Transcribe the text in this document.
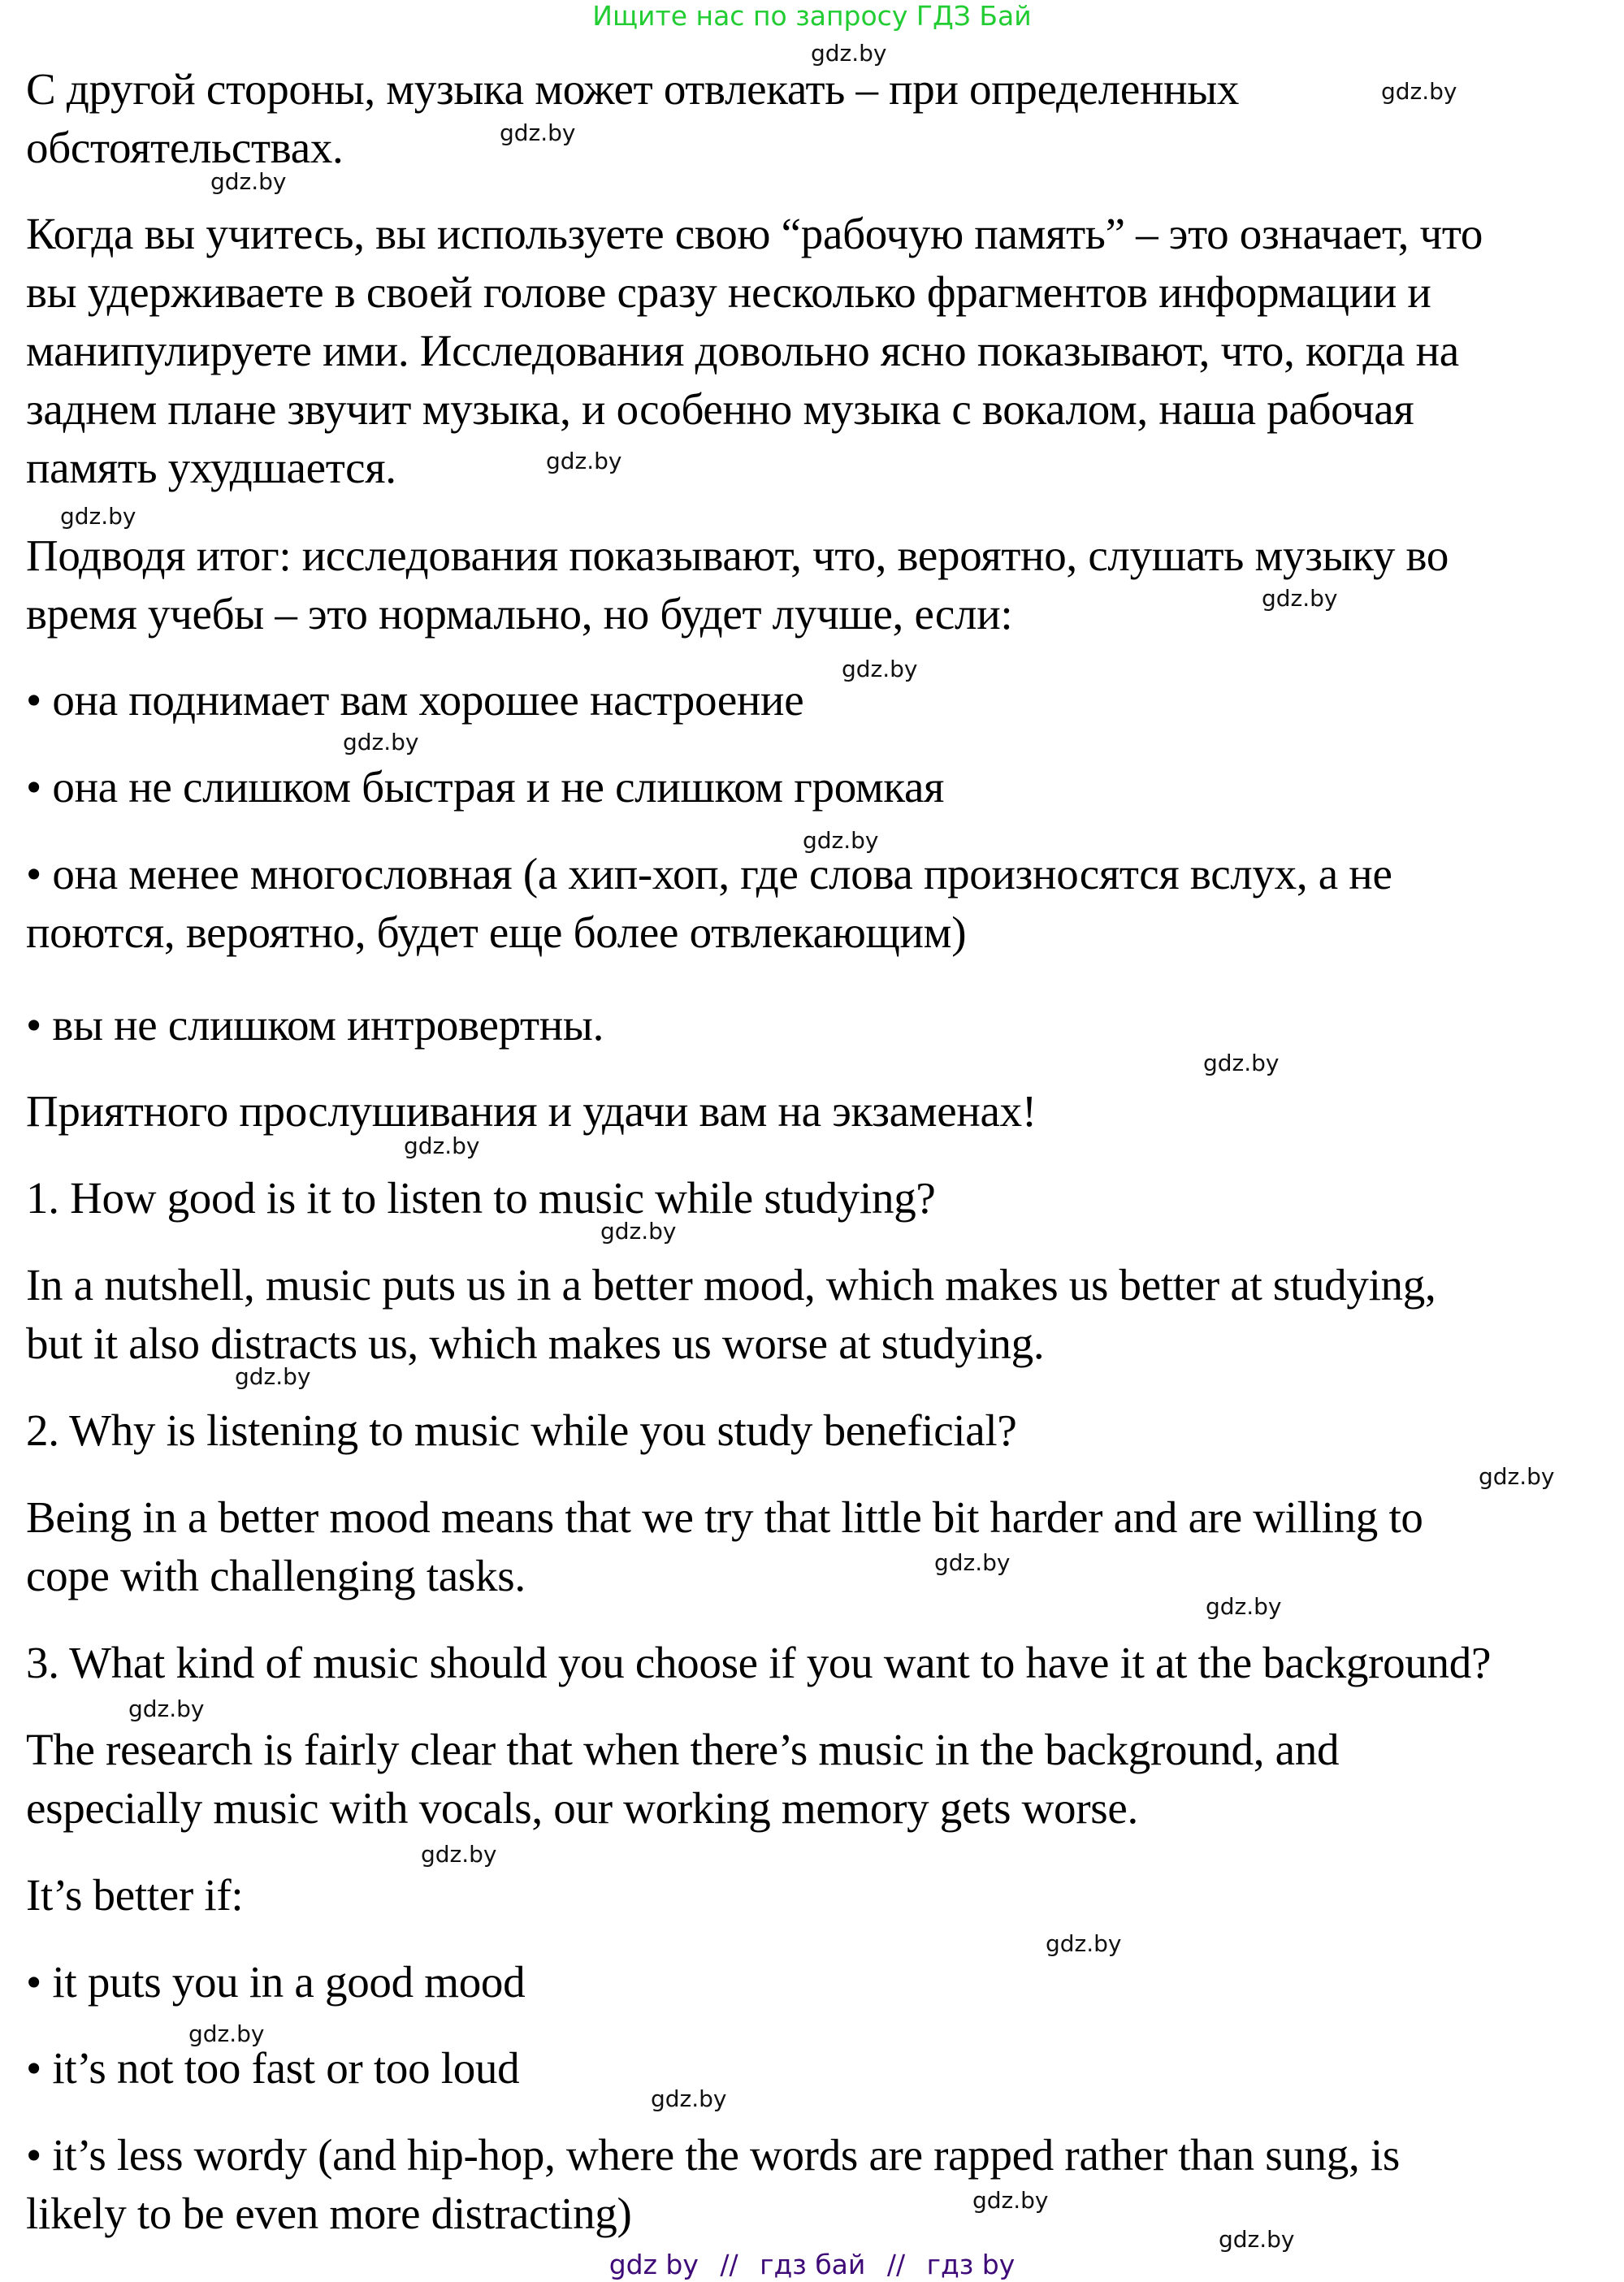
Ищите нас по запросу ГДЗ Бай
С другой стороны, музыка может отвлекать – при определенных
обстоятельствах.
Когда вы учитесь, вы используете свою “рабочую память” – это означает, что
вы удерживаете в своей голове сразу несколько фрагментов информации и
манипулируете ими. Исследования довольно ясно показывают, что, когда на
заднем плане звучит музыка, и особенно музыка с вокалом, наша рабочая
память ухудшается.
Подводя итог: исследования показывают, что, вероятно, слушать музыку во
время учебы – это нормально, но будет лучше, если:
• она поднимает вам хорошее настроение
• она не слишком быстрая и не слишком громкая
• она менее многословная (а хип-хоп, где слова произносятся вслух, а не
поются, вероятно, будет еще более отвлекающим)
• вы не слишком интровертны.
Приятного прослушивания и удачи вам на экзаменах!
1. How good is it to listen to music while studying?
In a nutshell, music puts us in a better mood, which makes us better at studying,
but it also distracts us, which makes us worse at studying.
2. Why is listening to music while you study beneficial?
Being in a better mood means that we try that little bit harder and are willing to
cope with challenging tasks.
3. What kind of music should you choose if you want to have it at the background?
The research is fairly clear that when there’s music in the background, and
especially music with vocals, our working memory gets worse.
It’s better if:
• it puts you in a good mood
• it’s not too fast or too loud
• it’s less wordy (and hip-hop, where the words are rapped rather than sung, is
likely to be even more distracting)
gdz.by
gdz.by
gdz.by
gdz.by
gdz.by
gdz.by
gdz.by
gdz.by
gdz.by
gdz.by
gdz.by
gdz.by
gdz.by
gdz.by
gdz.by
gdz.by
gdz.by
gdz.by
gdz.by
gdz.by
gdz.by
gdz.by
gdz.by
gdz.by
gdz by // гдз бай // гдз by
